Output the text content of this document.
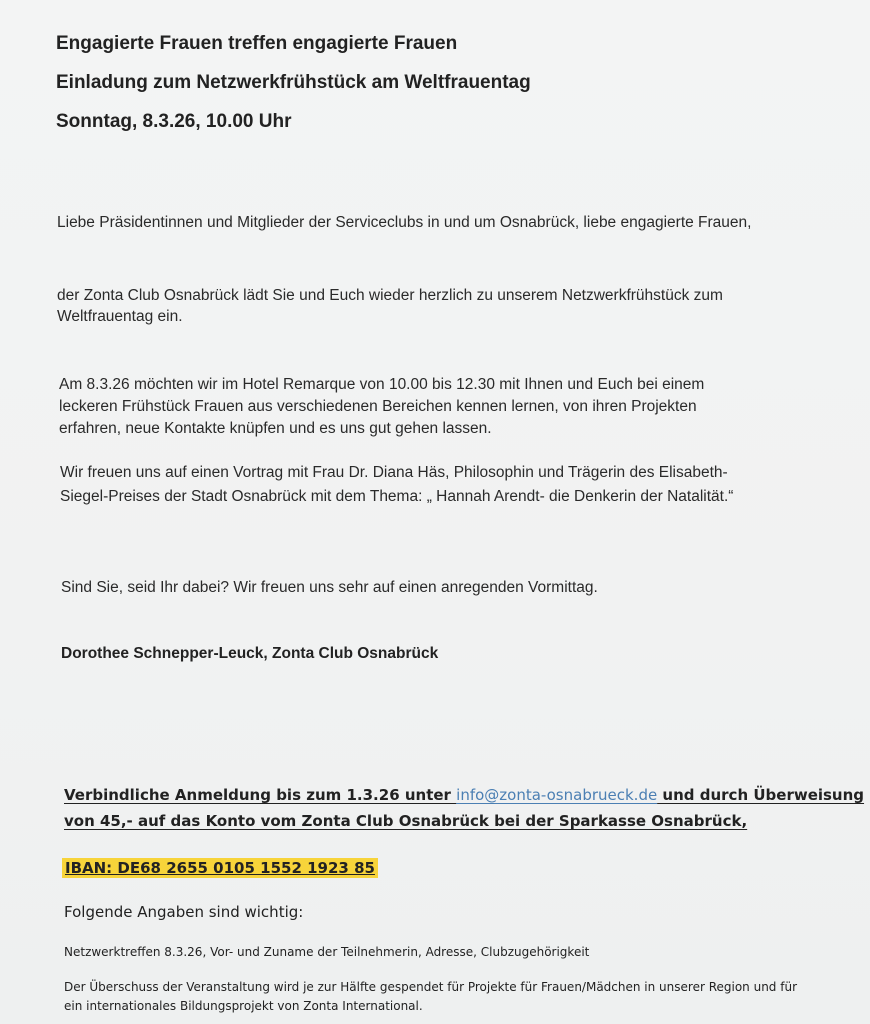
Engagierte Frauen treffen engagierte Frauen
Einladung zum Netzwerkfrühstück am Weltfrauentag
Sonntag, 8.3.26, 10.00 Uhr
Liebe Präsidentinnen und Mitglieder der Serviceclubs in und um Osnabrück, liebe engagierte Frauen,
der Zonta Club Osnabrück lädt Sie und Euch wieder herzlich zu unserem Netzwerkfrühstück zum
Weltfrauentag ein.
Am 8.3.26 möchten wir im Hotel Remarque von 10.00 bis 12.30 mit Ihnen und Euch bei einem
leckeren Frühstück Frauen aus verschiedenen Bereichen kennen lernen, von ihren Projekten
erfahren, neue Kontakte knüpfen und es uns gut gehen lassen.
Wir freuen uns auf einen Vortrag mit Frau Dr. Diana Häs, Philosophin und Trägerin des Elisabeth-
Siegel-Preises der Stadt Osnabrück mit dem Thema: „ Hannah Arendt- die Denkerin der Natalität.“
Sind Sie, seid Ihr dabei? Wir freuen uns sehr auf einen anregenden Vormittag.
Dorothee Schnepper-Leuck, Zonta Club Osnabrück
Verbindliche Anmeldung bis zum 1.3.26 unter info@zonta-osnabrueck.de und durch Überweisung
von 45,- auf das Konto vom Zonta Club Osnabrück bei der Sparkasse Osnabrück,
IBAN: DE68 2655 0105 1552 1923 85
Folgende Angaben sind wichtig:
Netzwerktreffen 8.3.26, Vor- und Zuname der Teilnehmerin, Adresse, Clubzugehörigkeit
Der Überschuss der Veranstaltung wird je zur Hälfte gespendet für Projekte für Frauen/Mädchen in unserer Region und für
ein internationales Bildungsprojekt von Zonta International.
